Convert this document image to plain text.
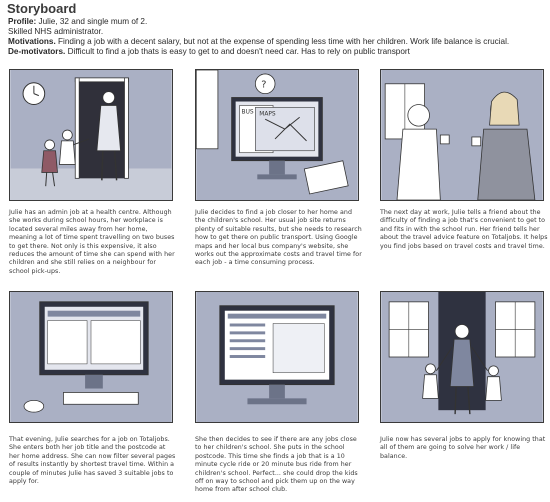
Storyboard
Profile: Julie, 32 and single mum of 2.
Skilled NHS administrator.
Motivations. Finding a job with a decent salary, but not at the expense of spending less time with her children. Work life balance is crucial.
De-motivators. Difficult to find a job thats is easy to get to and doesn't need car. Has to rely on public transport
Julie has an admin job at a health centre. Although she works during school hours, her workplace is located several miles away from her home, meaning a lot of time spent travelling on two buses to get there. Not only is this expensive, it also reduces the amount of time she can spend with her children and she still relies on a neighbour for school pick-ups.
?
MAPS
BUS
Julie decides to find a job closer to her home and the children's school. Her usual job site returns plenty of suitable results, but she needs to research how to get there on public transport. Using Google maps and her local bus company's website, she works out the approximate costs and travel time for each job - a time consuming process.
The next day at work, Julie tells a friend about the difficulty of finding a job that's convenient to get to and fits in with the school run. Her friend tells her about the travel advice feature on Totaljobs. It helps you find jobs based on travel costs and travel time.
That evening, Julie searches for a job on Totaljobs. She enters both her job title and the postcode at her home address. She can now filter several pages of results instantly by shortest travel time. Within a couple of minutes Julie has saved 3 suitable jobs to apply for.
She then decides to see if there are any jobs close to her children's school. She puts in the school postcode. This time she finds a job that is a 10 minute cycle ride or 20 minute bus ride from her children's school. Perfect... she could drop the kids off on way to school and pick them up on the way home from after school club.
Julie now has several jobs to apply for knowing that all of them are going to solve her work / life balance.
